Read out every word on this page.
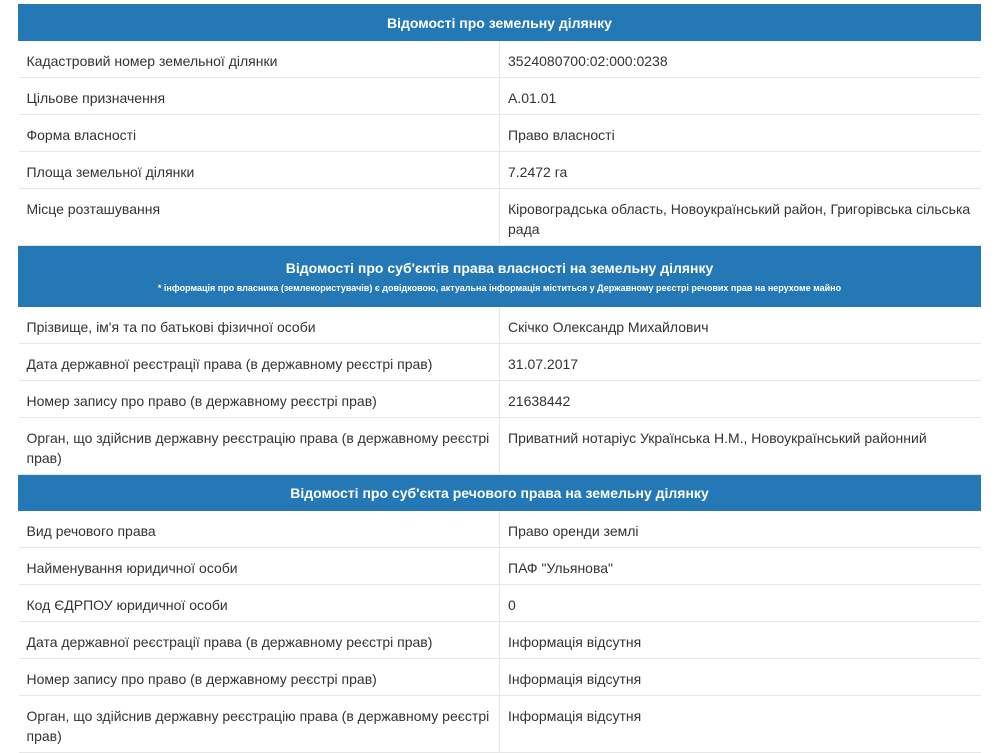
Відомості про земельну ділянку	
Кадастровий номер земельної ділянки	3524080700:02:000:0238
Цільове призначення	А.01.01
Форма власності	Право власності
Площа земельної ділянки	7.2472 га
Місце розташування	Кіровоградська область, Новоукраїнський район, Григорівська сільська рада

Відомості про суб'єктів права власності на земельну ділянку
* інформація про власника (землекористувачів) є довідковою, актуальна інформація міститься у Державному реєстрі речових прав на нерухоме майно	

Прізвище, ім'я та по батькові фізичної особи	Скічко Олександр Михайлович
Дата державної реєстрації права (в державному реєстрі прав)	31.07.2017
Номер запису про право (в державному реєстрі прав)	21638442
Орган, що здійснив державну реєстрацію права (в державному реєстрі прав)	Приватний нотаріус Українська Н.М., Новоукраїнський районний
Відомості про суб'єкта речового права на земельну ділянку	
Вид речового права	Право оренди землі
Найменування юридичної особи	ПАФ "Ульянова"
Код ЄДРПОУ юридичної особи	0
Дата державної реєстрації права (в державному реєстрі прав)	Інформація відсутня
Номер запису про право (в державному реєстрі прав)	Інформація відсутня
Орган, що здійснив державну реєстрацію права (в державному реєстрі прав)	Інформація відсутня
